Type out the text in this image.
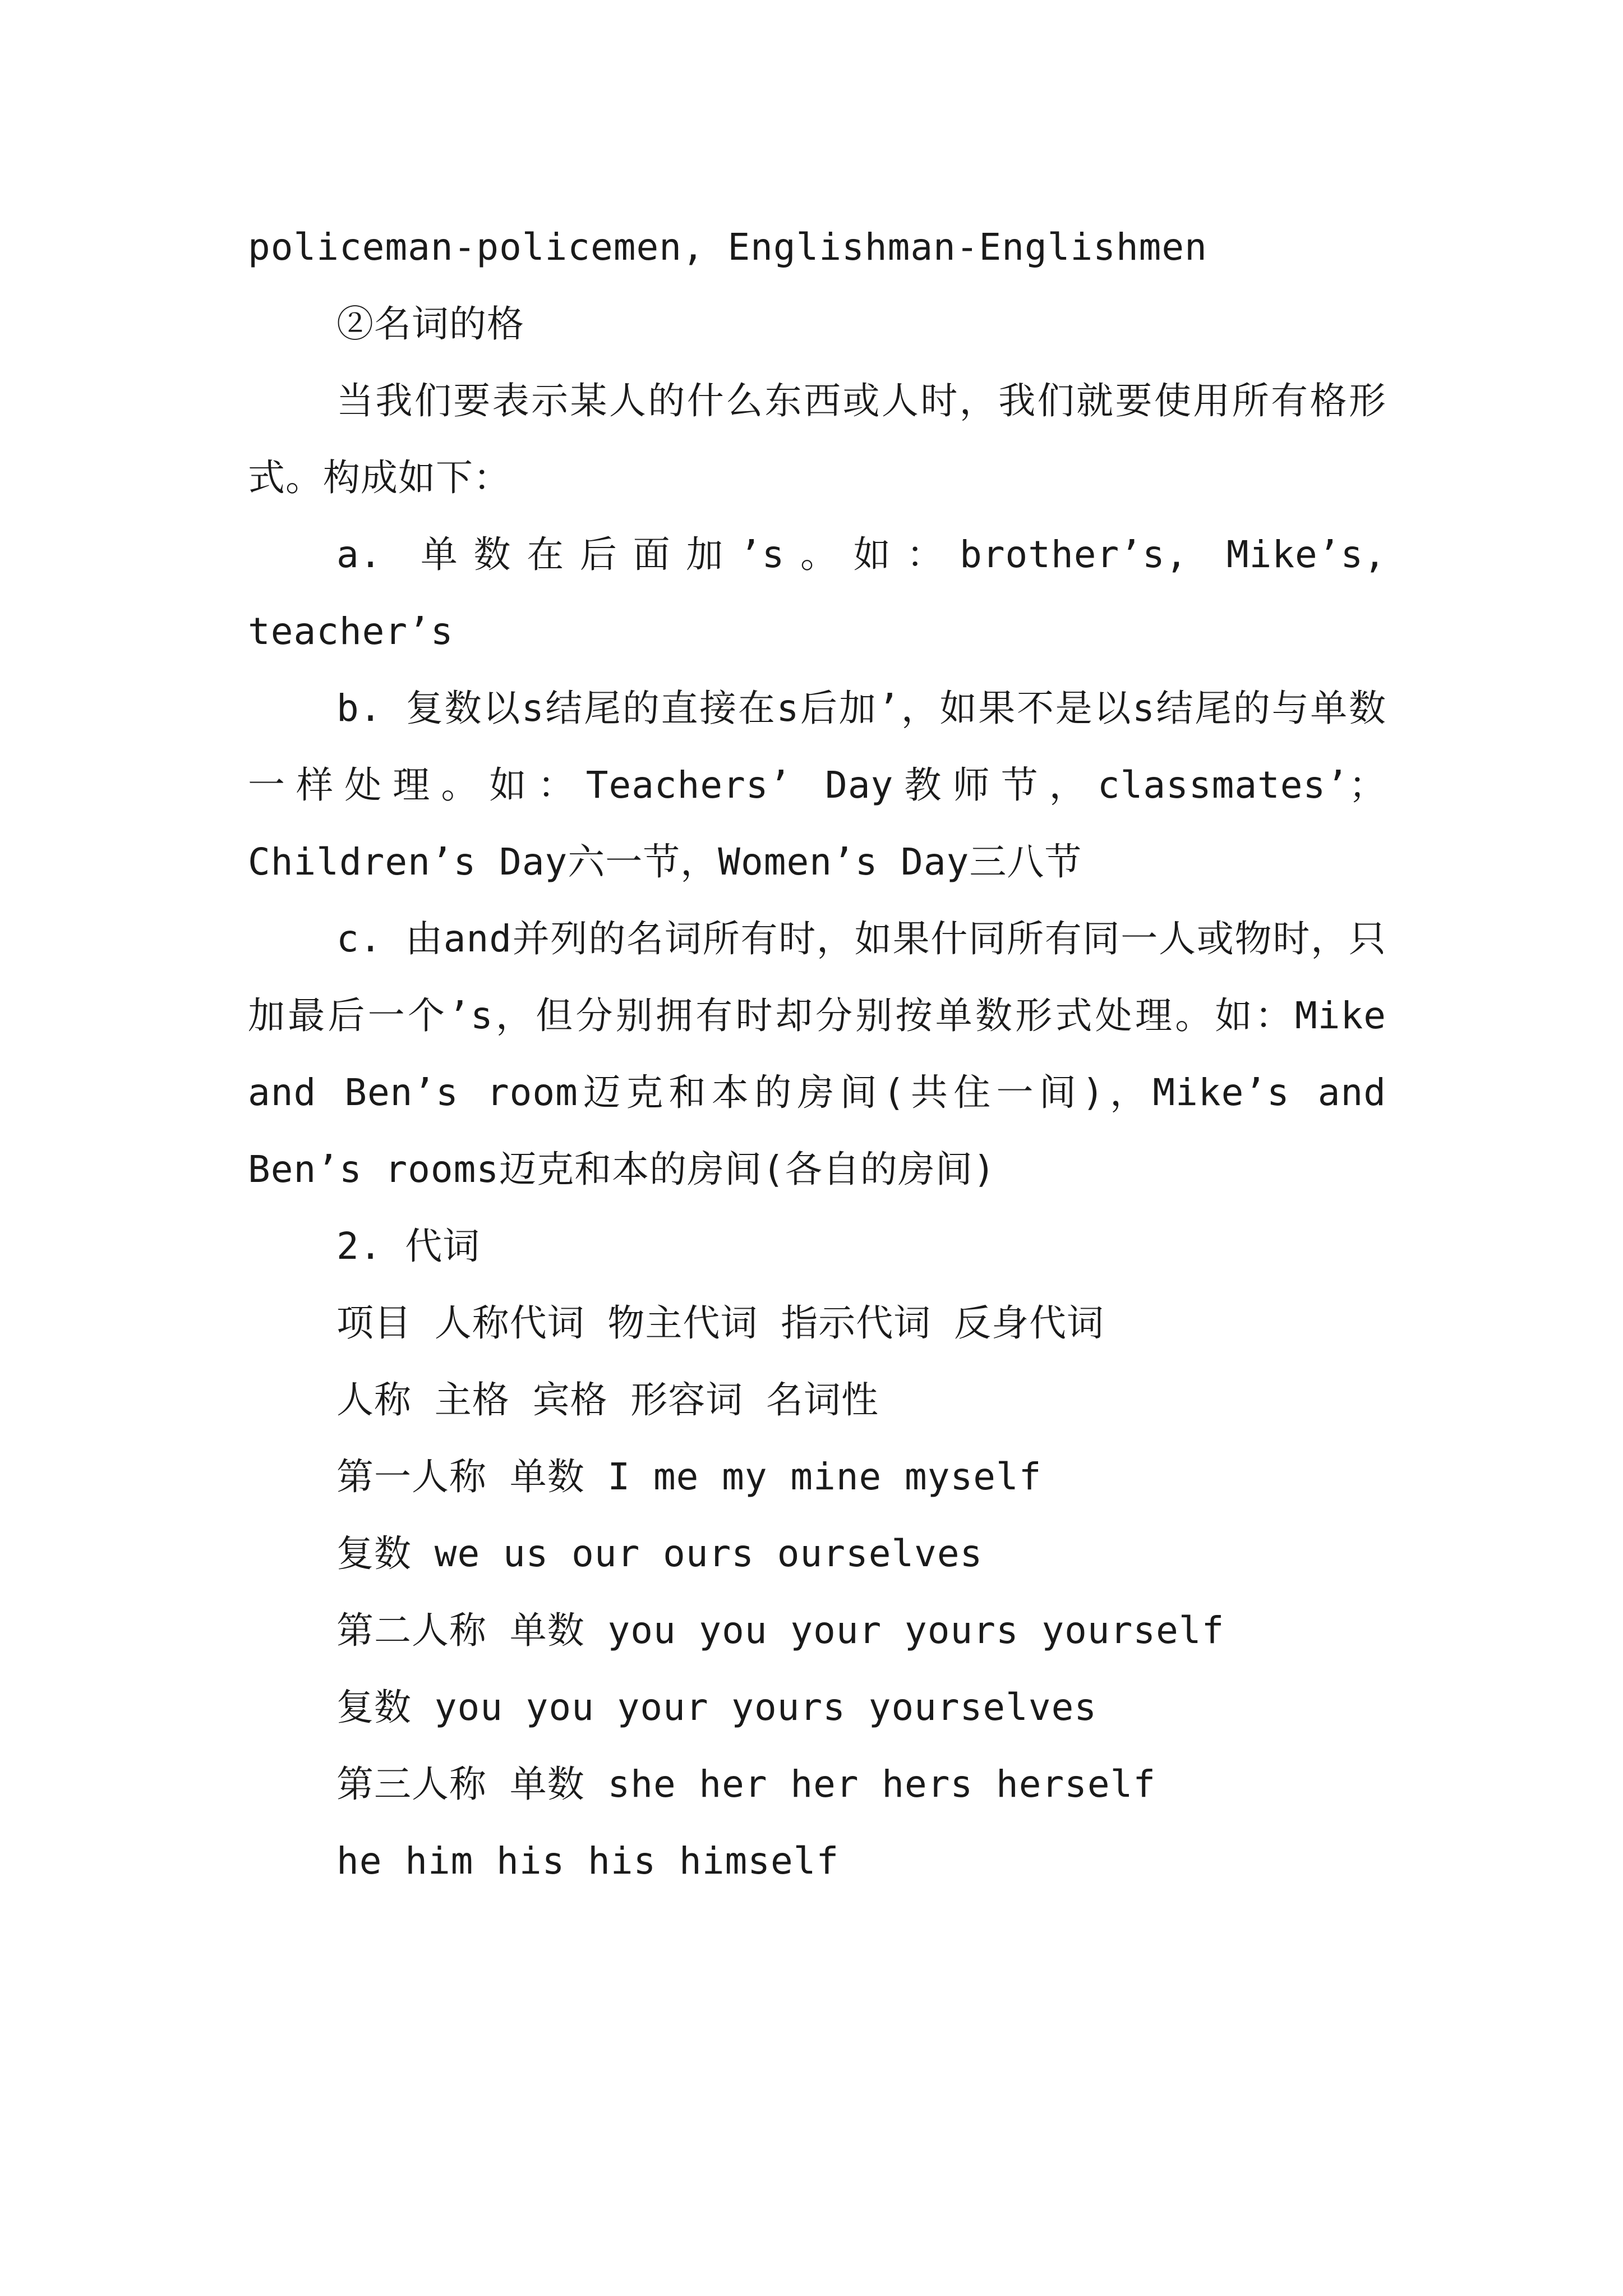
policeman-policemen, Englishman-Englishmen

②名词的格

当我们要表示某人的什么东西或人时，我们就要使用所有格形式。构成如下：

a. 单数在后面加’s。如：brother’s, Mike’s, teacher’s

b. 复数以s结尾的直接在s后加’，如果不是以s结尾的与单数一样处理。如：Teachers’ Day教师节，classmates’；Children’s Day六一节，Women’s Day三八节

c. 由and并列的名词所有时，如果什同所有同一人或物时，只加最后一个’s，但分别拥有时却分别按单数形式处理。如：Mike and Ben’s room迈克和本的房间(共住一间)，Mike’s and Ben’s rooms迈克和本的房间(各自的房间)

2. 代词

项目 人称代词 物主代词 指示代词 反身代词

人称 主格 宾格 形容词 名词性

第一人称 单数 I me my mine myself

复数 we us our ours ourselves

第二人称 单数 you you your yours yourself

复数 you you your yours yourselves

第三人称 单数 she her her hers herself

he him his his himself
